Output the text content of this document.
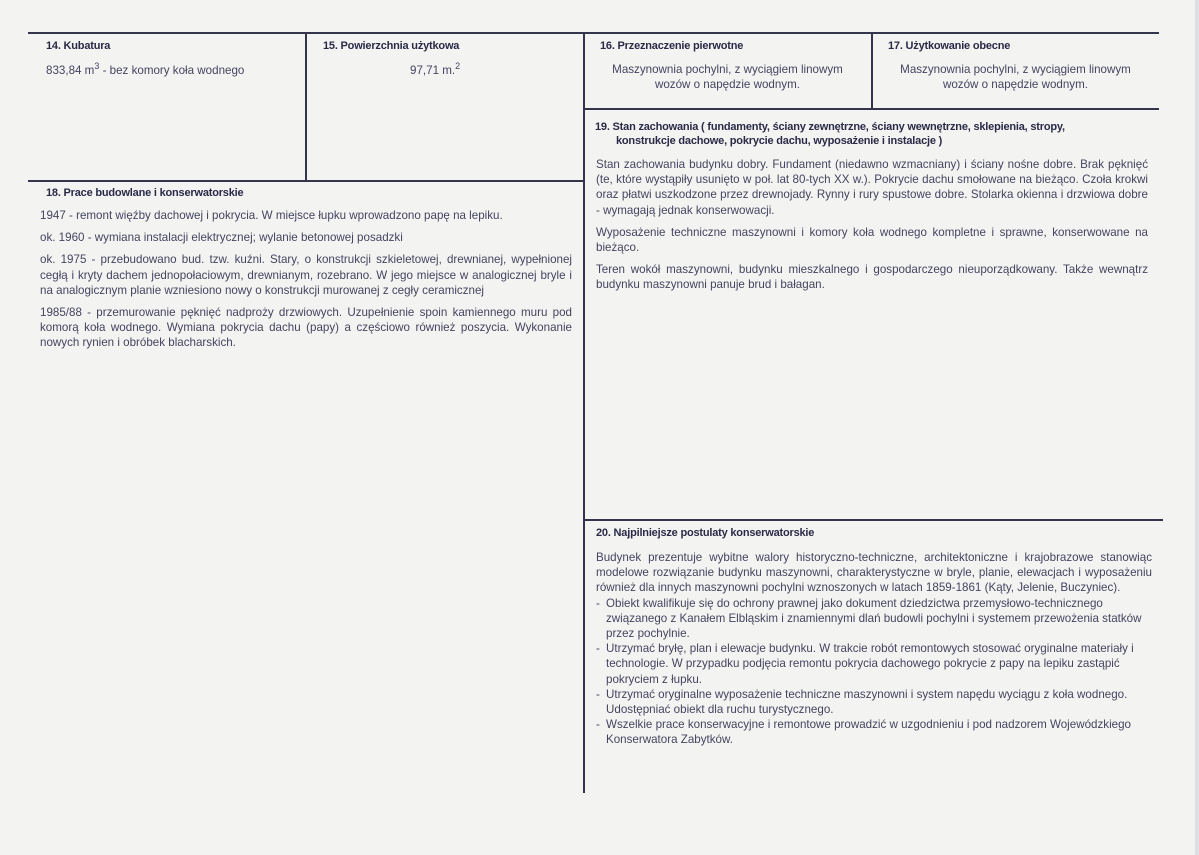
14. Kubatura
833,84 $m^3$ - bez komory koła wodnego
15. Powierzchnia użytkowa
97,71 m.$^2$
16. Przeznaczenie pierwotne
Maszynownia pochylni, z wyciągiem linowym wozów o napędzie wodnym.
17. Użytkowanie obecne
Maszynownia pochylni, z wyciągiem linowym wozów o napędzie wodnym.
18. Prace budowlane i konserwatorskie

1947 - remont więźby dachowej i pokrycia. W miejsce łupku wprowadzono papę na lepiku.

ok. 1960 - wymiana instalacji elektrycznej; wylanie betonowej posadzki

ok. 1975 - przebudowano bud. tzw. kuźni. Stary, o konstrukcji szkieletowej, drewnianej, wypełnionej cegłą i kryty dachem jednopołaciowym, drewnianym, rozebrano. W jego miejsce w analogicznej bryle i na analogicznym planie wzniesiono nowy o konstrukcji murowanej z cegły ceramicznej

1985/88 - przemurowanie pęknięć nadproży drzwiowych. Uzupełnienie spoin kamiennego muru pod komorą koła wodnego. Wymiana pokrycia dachu (papy) a częściowo również poszycia. Wykonanie nowych rynien i obróbek blacharskich.

19. Stan zachowania ( fundamenty, ściany zewnętrzne, ściany wewnętrzne, sklepienia, stropy,
konstrukcje dachowe, pokrycie dachu, wyposażenie i instalacje )

Stan zachowania budynku dobry. Fundament (niedawno wzmacniany) i ściany nośne dobre. Brak pęknięć (te, które wystąpiły usunięto w poł. lat 80-tych XX w.). Pokrycie dachu smołowane na bieżąco. Czoła krokwi oraz płatwi uszkodzone przez drewnojady. Rynny i rury spustowe dobre. Stolarka okienna i drzwiowa dobre - wymagają jednak konserwowacji.

Wyposażenie techniczne maszynowni i komory koła wodnego kompletne i sprawne, konserwowane na bieżąco.

Teren wokół maszynowni, budynku mieszkalnego i gospodarczego nieuporządkowany. Także wewnątrz budynku maszynowni panuje brud i bałagan.

20. Najpilniejsze postulaty konserwatorskie

Budynek prezentuje wybitne walory historyczno-techniczne, architektoniczne i krajobrazowe stanowiąc modelowe rozwiązanie budynku maszynowni, charakterystyczne w bryle, planie, elewacjach i wyposażeniu również dla innych maszynowni pochylni wznoszonych w latach 1859-1861 (Kąty, Jelenie, Buczyniec).

- Obiekt kwalifikuje się do ochrony prawnej jako dokument dziedzictwa przemysłowo-technicznego związanego z Kanałem Elbląskim i znamiennymi dlań budowli pochylni i systemem przewożenia statków przez pochylnie.
- Utrzymać bryłę, plan i elewacje budynku. W trakcie robót remontowych stosować oryginalne materiały i technologie. W przypadku podjęcia remontu pokrycia dachowego pokrycie z papy na lepiku zastąpić pokryciem z łupku.
- Utrzymać oryginalne wyposażenie techniczne maszynowni i system napędu wyciągu z koła wodnego. Udostępniać obiekt dla ruchu turystycznego.
- Wszelkie prace konserwacyjne i remontowe prowadzić w uzgodnieniu i pod nadzorem Wojewódzkiego Konserwatora Zabytków.
